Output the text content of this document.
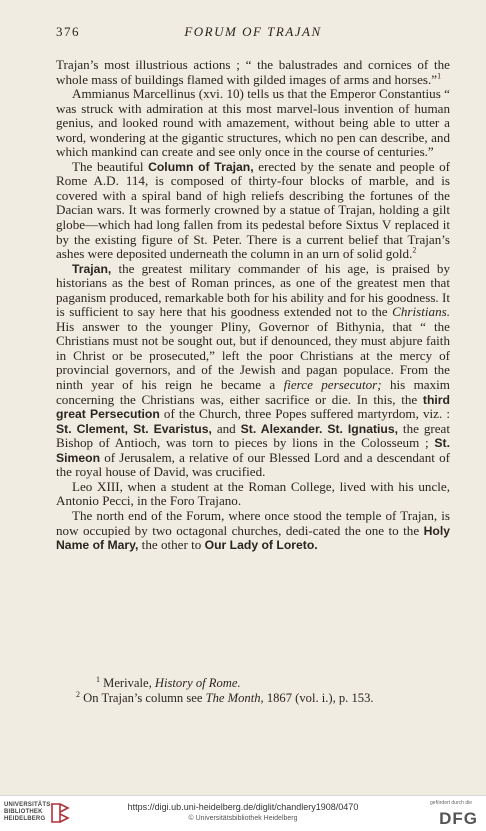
376	FORUM OF TRAJAN

Trajan’s most illustrious actions ; “ the balustrades and cornices of the whole mass of buildings flamed with gilded images of arms and horses.”$^1$

Ammianus Marcellinus (xvi. 10) tells us that the Emperor Constantius “ was struck with admiration at this most marvel-lous invention of human genius, and looked round with amazement, without being able to utter a word, wondering at the gigantic structures, which no pen can describe, and which mankind can create and see only once in the course of centuries.”

The beautiful Column of Trajan, erected by the senate and people of Rome A.D. 114, is composed of thirty-four blocks of marble, and is covered with a spiral band of high reliefs describing the fortunes of the Dacian wars. It was formerly crowned by a statue of Trajan, holding a gilt globe—which had long fallen from its pedestal before Sixtus V replaced it by the existing figure of St. Peter. There is a current belief that Trajan’s ashes were deposited underneath the column in an urn of solid gold.$^2$

Trajan, the greatest military commander of his age, is praised by historians as the best of Roman princes, as one of the greatest men that paganism produced, remarkable both for his ability and for his goodness. It is sufficient to say here that his goodness extended not to the Christians. His answer to the younger Pliny, Governor of Bithynia, that “ the Christians must not be sought out, but if denounced, they must abjure faith in Christ or be prosecuted,” left the poor Christians at the mercy of provincial governors, and of the Jewish and pagan populace. From the ninth year of his reign he became a fierce persecutor; his maxim concerning the Christians was, either sacrifice or die. In this, the third great Persecution of the Church, three Popes suffered martyrdom, viz. : St. Clement, St. Evaristus, and St. Alexander. St. Ignatius, the great Bishop of Antioch, was torn to pieces by lions in the Colosseum ; St. Simeon of Jerusalem, a relative of our Blessed Lord and a descendant of the royal house of David, was crucified.

Leo XIII, when a student at the Roman College, lived with his uncle, Antonio Pecci, in the Foro Trajano.

The north end of the Forum, where once stood the temple of Trajan, is now occupied by two octagonal churches, dedi-cated the one to the Holy Name of Mary, the other to Our Lady of Loreto.

$^1$ Merivale, History of Rome.

$^2$ On Trajan’s column see The Month, 1867 (vol. i.), p. 153.

UNIVERSITÄTS-
BIBLIOTHEK
HEIDELBERG
https://digi.ub.uni-heidelberg.de/diglit/chandlery1908/0470
© Universitätsbibliothek Heidelberg
gefördert durch die
DFG
